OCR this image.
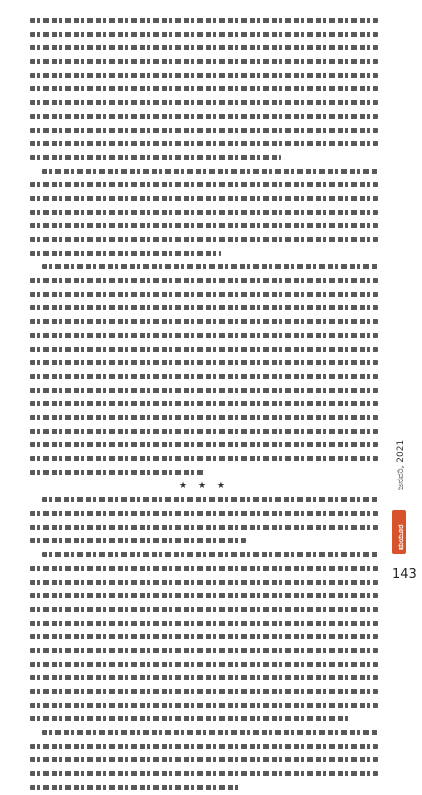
★ ★ ★	ಜನವರಿ, 2021
ಮಯೂರ
143
